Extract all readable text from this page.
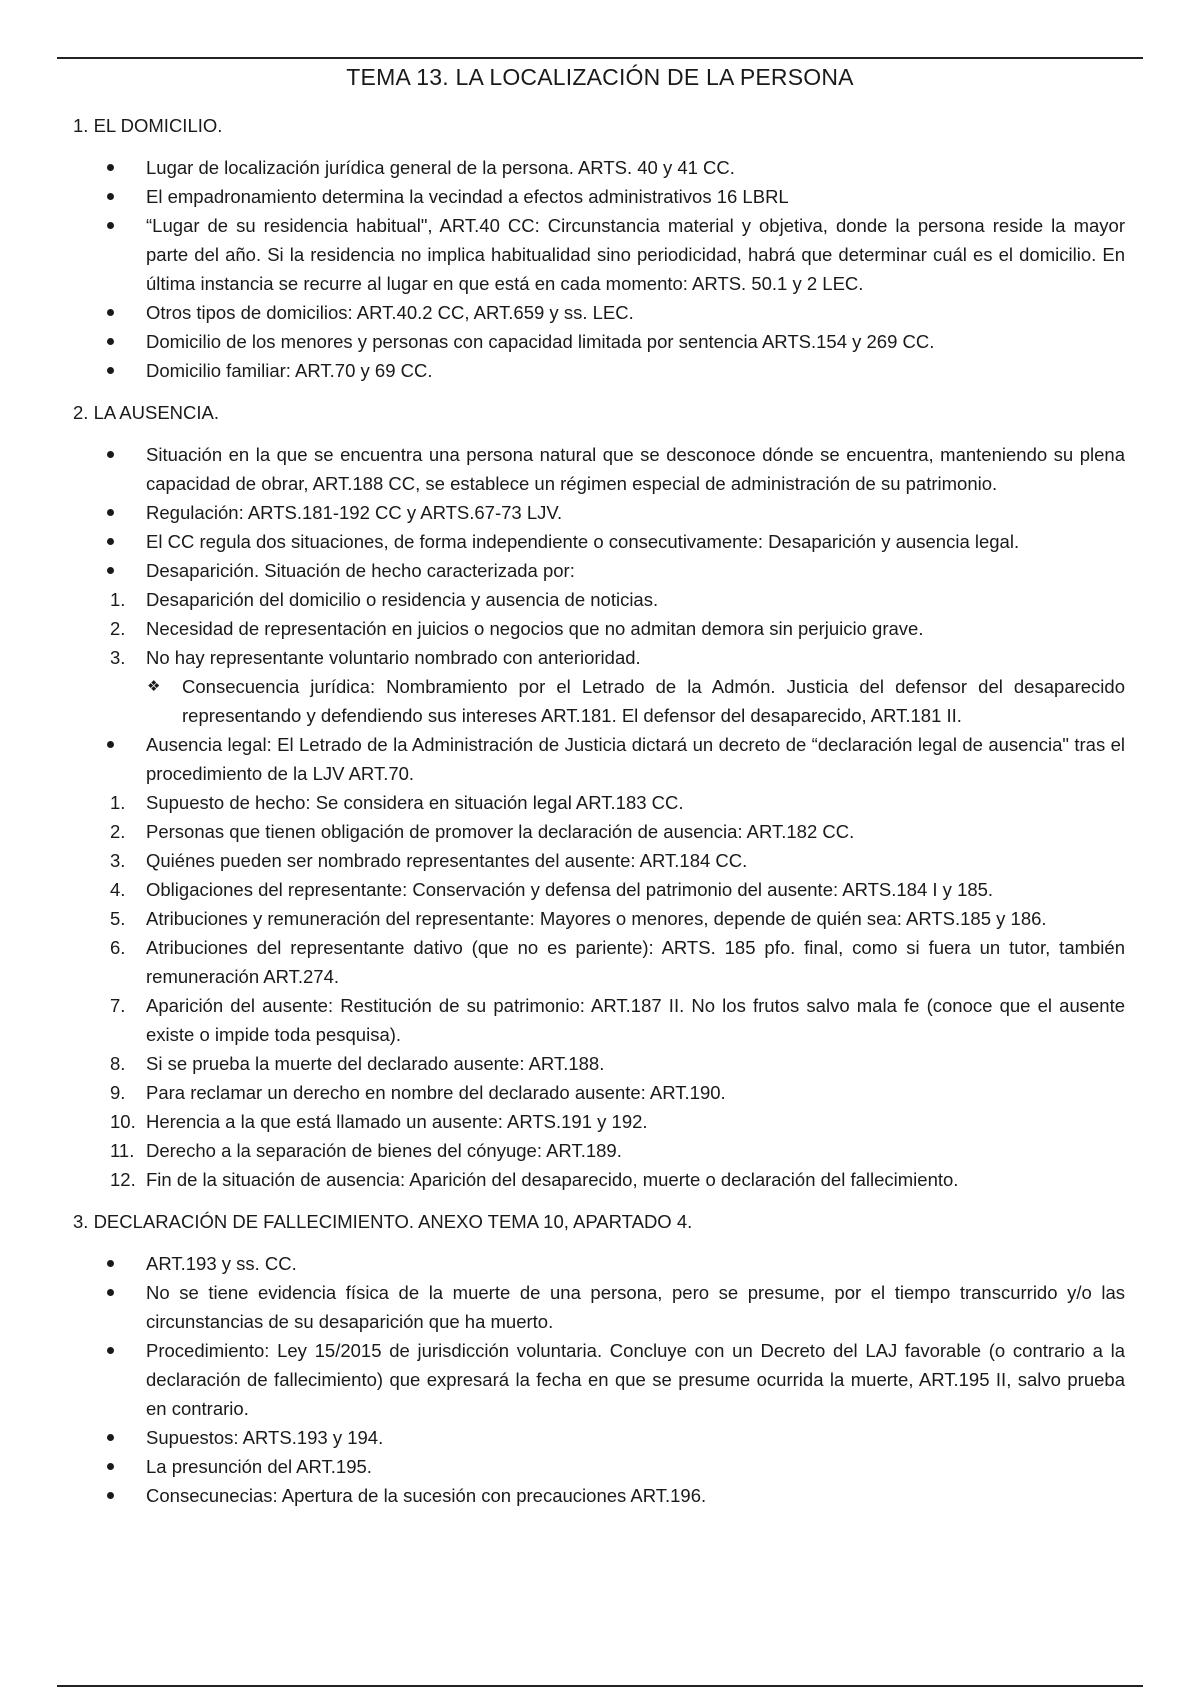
TEMA 13. LA LOCALIZACIÓN DE LA PERSONA
1. EL DOMICILIO.
Lugar de localización jurídica general de la persona. ARTS. 40 y 41 CC.
El empadronamiento determina la vecindad a efectos administrativos 16 LBRL
“Lugar de su residencia habitual", ART.40 CC: Circunstancia material y objetiva, donde la persona reside la mayor parte del año. Si la residencia no implica habitualidad sino periodicidad, habrá que determinar cuál es el domicilio. En última instancia se recurre al lugar en que está en cada momento: ARTS. 50.1 y 2 LEC.
Otros tipos de domicilios: ART.40.2 CC, ART.659 y ss. LEC.
Domicilio de los menores y personas con capacidad limitada por sentencia ARTS.154 y 269 CC.
Domicilio familiar: ART.70 y 69 CC.
2. LA AUSENCIA.
Situación en la que se encuentra una persona natural que se desconoce dónde se encuentra, manteniendo su plena capacidad de obrar, ART.188 CC, se establece un régimen especial de administración de su patrimonio.
Regulación: ARTS.181-192 CC y ARTS.67-73 LJV.
El CC regula dos situaciones, de forma independiente o consecutivamente: Desaparición y ausencia legal.
Desaparición. Situación de hecho caracterizada por:
1.	Desaparición del domicilio o residencia y ausencia de noticias.
2.	Necesidad de representación en juicios o negocios que no admitan demora sin perjuicio grave.
3.	No hay representante voluntario nombrado con anterioridad.
❖	Consecuencia jurídica: Nombramiento por el Letrado de la Admón. Justicia del defensor del desaparecido representando y defendiendo sus intereses ART.181. El defensor del desaparecido, ART.181 II.
Ausencia legal: El Letrado de la Administración de Justicia dictará un decreto de “declaración legal de ausencia" tras el procedimiento de la LJV ART.70.
1.	Supuesto de hecho: Se considera en situación legal ART.183 CC.
2.	Personas que tienen obligación de promover la declaración de ausencia: ART.182 CC.
3.	Quiénes pueden ser nombrado representantes del ausente: ART.184 CC.
4.	Obligaciones del representante: Conservación y defensa del patrimonio del ausente: ARTS.184 I y 185.
5.	Atribuciones y remuneración del representante: Mayores o menores, depende de quién sea: ARTS.185 y 186.
6.	Atribuciones del representante dativo (que no es pariente): ARTS. 185 pfo. final, como si fuera un tutor, también remuneración ART.274.
7.	Aparición del ausente: Restitución de su patrimonio: ART.187 II. No los frutos salvo mala fe (conoce que el ausente existe o impide toda pesquisa).
8.	Si se prueba la muerte del declarado ausente: ART.188.
9.	Para reclamar un derecho en nombre del declarado ausente: ART.190.
10. Herencia a la que está llamado un ausente: ARTS.191 y 192.
11. Derecho a la separación de bienes del cónyuge: ART.189.
12. Fin de la situación de ausencia: Aparición del desaparecido, muerte o declaración del fallecimiento.
3. DECLARACIÓN DE FALLECIMIENTO. ANEXO TEMA 10, APARTADO 4.
ART.193 y ss. CC.
No se tiene evidencia física de la muerte de una persona, pero se presume, por el tiempo transcurrido y/o las circunstancias de su desaparición que ha muerto.
Procedimiento: Ley 15/2015 de jurisdicción voluntaria. Concluye con un Decreto del LAJ favorable (o contrario a la declaración de fallecimiento) que expresará la fecha en que se presume ocurrida la muerte, ART.195 II, salvo prueba en contrario.
Supuestos: ARTS.193 y 194.
La presunción del ART.195.
Consecunecias: Apertura de la sucesión con precauciones ART.196.
